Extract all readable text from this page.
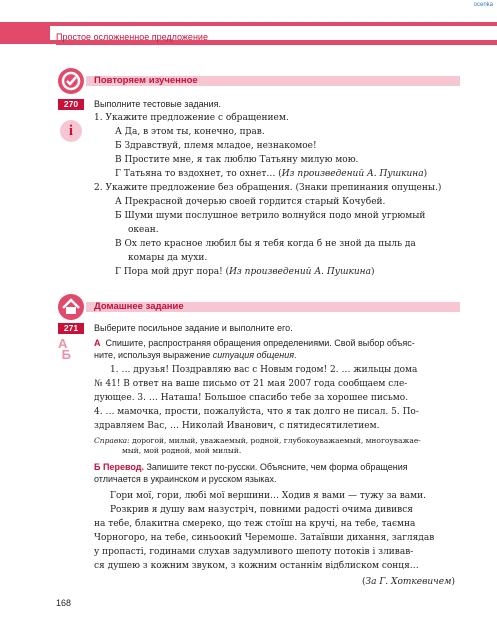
ocenka
Простое осложненное предложение
Повторяем изученное
270	Выполните тестовые задания.
i
1. Укажите предложение с обращением.
А Да, в этом ты, конечно, прав.
Б Здравствуй, племя младое, незнакомое!
В Простите мне, я так люблю Татьяну милую мою.
Г Татьяна то вздохнет, то охнет… (Из произведений А. Пушкина)
2. Укажите предложение без обращения. (Знаки препинания опущены.)
А Прекрасной дочерью своей гордится старый Кочубей.
Б Шуми шуми послушное ветрило волнуйся подо мной угрюмый
океан.
В Ох лето красное любил бы я тебя когда б не зной да пыль да
комары да мухи.
Г Пора мой друг пора! (Из произведений А. Пушкина)
Домашнее задание
271	Выберите посильное задание и выполните его.
А
Б
А Спишите, распространяя обращения определениями. Свой выбор объяс-
ните, используя выражение ситуация общения.
1. … друзья! Поздравляю вас с Новым годом! 2. … жильцы дома
№ 41! В ответ на ваше письмо от 21 мая 2007 года сообщаем сле-
дующее. 3. … Наташа! Большое спасибо тебе за хорошее письмо.
4. … мамочка, прости, пожалуйста, что я так долго не писал. 5. По-
здравляем Вас, … Николай Иванович, с пятидесятилетием.
Справка: дорогой, милый, уважаемый, родной, глубокоуважаемый, многоуважае-
мый, мой родной, мой милый.
Б Перевод. Запишите текст по-русски. Объясните, чем форма обращения
отличается в украинском и русском языках.
Гори мої, гори, любі мої вершини… Ходив я вами — тужу за вами.
Розкрив я душу вам назустріч, повними радості очима дивився
на тебе, блакитна смереко, що теж стоїш на кручі, на тебе, таємна
Чорногоро, на тебе, синьоокий Черемоше. Затаївши дихання, заглядав
у пропасті, годинами слухав задумливого шепоту потоків і зливав-
ся душею з кожним звуком, з кожним останнім відблиском сонця…
(За Г. Хоткевичем)
168
